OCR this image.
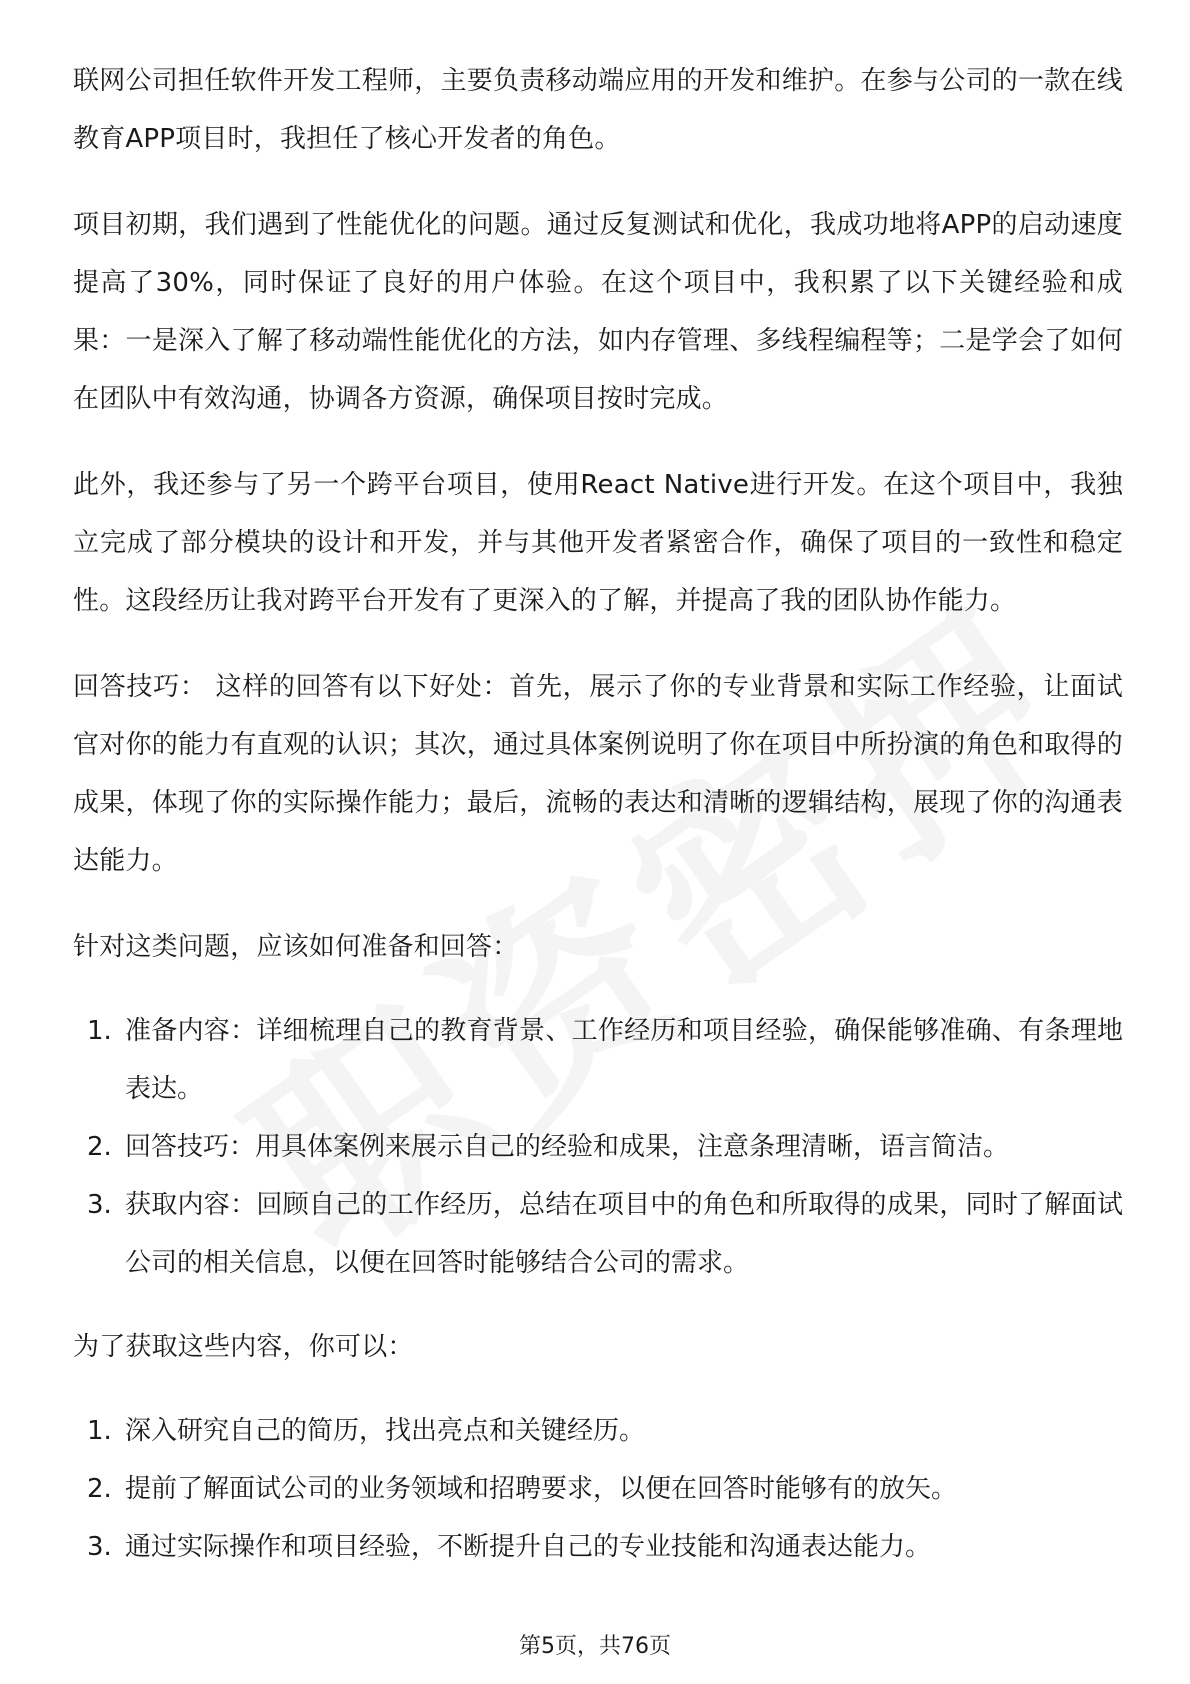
联网公司担任软件开发工程师，主要负责移动端应用的开发和维护。在参与公司的一款在线教育APP项目时，我担任了核心开发者的角色。

项目初期，我们遇到了性能优化的问题。通过反复测试和优化，我成功地将APP的启动速度提高了30%，同时保证了良好的用户体验。在这个项目中，我积累了以下关键经验和成果：一是深入了解了移动端性能优化的方法，如内存管理、多线程编程等；二是学会了如何在团队中有效沟通，协调各方资源，确保项目按时完成。

此外，我还参与了另一个跨平台项目，使用React Native进行开发。在这个项目中，我独立完成了部分模块的设计和开发，并与其他开发者紧密合作，确保了项目的一致性和稳定性。这段经历让我对跨平台开发有了更深入的了解，并提高了我的团队协作能力。

回答技巧： 这样的回答有以下好处：首先，展示了你的专业背景和实际工作经验，让面试官对你的能力有直观的认识；其次，通过具体案例说明了你在项目中所扮演的角色和取得的成果，体现了你的实际操作能力；最后，流畅的表达和清晰的逻辑结构，展现了你的沟通表达能力。

针对这类问题，应该如何准备和回答：

1. 准备内容：详细梳理自己的教育背景、工作经历和项目经验，确保能够准确、有条理地表达。
2. 回答技巧：用具体案例来展示自己的经验和成果，注意条理清晰，语言简洁。
3. 获取内容：回顾自己的工作经历，总结在项目中的角色和所取得的成果，同时了解面试公司的相关信息，以便在回答时能够结合公司的需求。

为了获取这些内容，你可以：

1. 深入研究自己的简历，找出亮点和关键经历。
2. 提前了解面试公司的业务领域和招聘要求，以便在回答时能够有的放矢。
3. 通过实际操作和项目经验，不断提升自己的专业技能和沟通表达能力。
第5页，共76页
